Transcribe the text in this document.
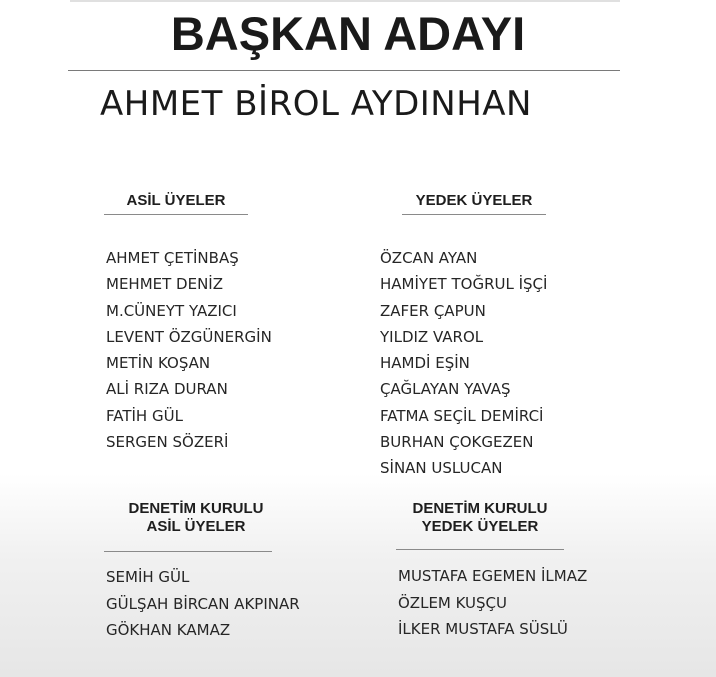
BAŞKAN ADAYI
AHMET BİROL AYDINHAN
ASİL ÜYELER
AHMET ÇETİNBAŞ
MEHMET DENİZ
M.CÜNEYT YAZICI
LEVENT ÖZGÜNERGİN
METİN KOŞAN
ALİ RIZA DURAN
FATİH GÜL
SERGEN SÖZERİ
YEDEK ÜYELER
ÖZCAN AYAN
HAMİYET TOĞRUL İŞÇİ
ZAFER ÇAPUN
YILDIZ VAROL
HAMDİ EŞİN
ÇAĞLAYAN YAVAŞ
FATMA SEÇİL DEMİRCİ
BURHAN ÇOKGEZEN
SİNAN USLUCAN
DENETİM KURULU
ASİL ÜYELER
SEMİH GÜL
GÜLŞAH BİRCAN AKPINAR
GÖKHAN KAMAZ
DENETİM KURULU
YEDEK ÜYELER
MUSTAFA EGEMEN İLMAZ
ÖZLEM KUŞÇU
İLKER MUSTAFA SÜSLÜ
